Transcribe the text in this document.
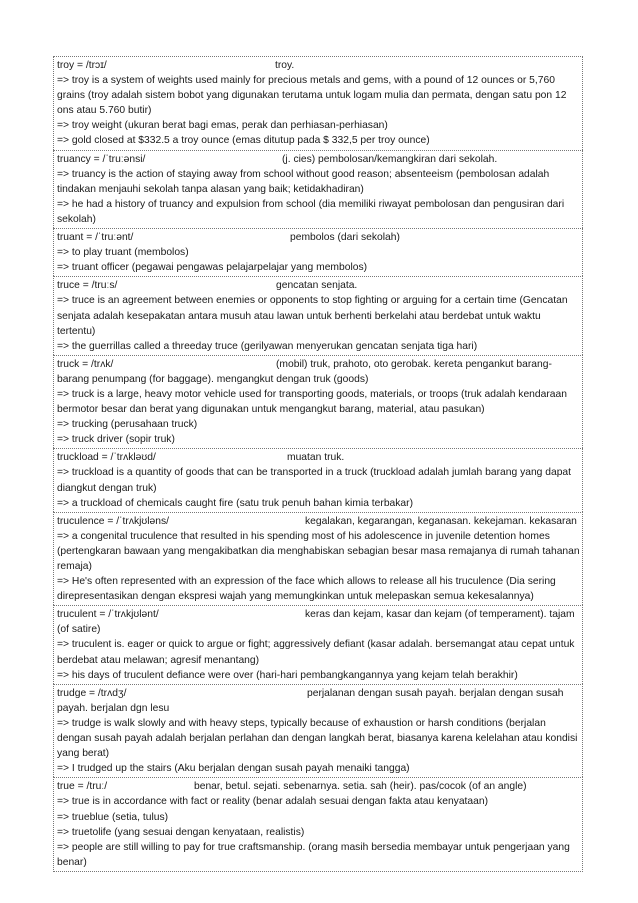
troy = /trɔɪ/	troy.
=> troy is a system of weights used mainly for precious metals and gems, with a pound of 12 ounces or 5,760 grains (troy adalah sistem bobot yang digunakan terutama untuk logam mulia dan permata, dengan satu pon 12 ons atau 5.760 butir)
=> troy weight (ukuran berat bagi emas, perak dan perhiasan-perhiasan)
=> gold closed at $332.5 a troy ounce (emas ditutup pada $ 332,5 per troy ounce)
truancy = /ˈtruːənsi/	(j. cies) pembolosan/kemangkiran dari sekolah.
=> truancy is the action of staying away from school without good reason; absenteeism (pembolosan adalah tindakan menjauhi sekolah tanpa alasan yang baik; ketidakhadiran)
=> he had a history of truancy and expulsion from school (dia memiliki riwayat pembolosan dan pengusiran dari sekolah)
truant = /ˈtruːənt/	pembolos (dari sekolah)
=> to play truant (membolos)
=> truant officer (pegawai pengawas pelajarpelajar yang membolos)
truce = /truːs/	gencatan senjata.
=> truce is an agreement between enemies or opponents to stop fighting or arguing for a certain time (Gencatan senjata adalah kesepakatan antara musuh atau lawan untuk berhenti berkelahi atau berdebat untuk waktu tertentu)
=> the guerrillas called a threeday truce (gerilyawan menyerukan gencatan senjata tiga hari)
truck = /trʌk/	(mobil) truk, prahoto, oto gerobak. kereta pengankut barang-barang penumpang (for baggage). mengangkut dengan truk (goods)
=> truck is a large, heavy motor vehicle used for transporting goods, materials, or troops (truk adalah kendaraan bermotor besar dan berat yang digunakan untuk mengangkut barang, material, atau pasukan)
=> trucking (perusahaan truck)
=> truck driver (sopir truk)
truckload = /ˈtrʌkləʊd/	muatan truk.
=> truckload is a quantity of goods that can be transported in a truck (truckload adalah jumlah barang yang dapat diangkut dengan truk)
=> a truckload of chemicals caught fire (satu truk penuh bahan kimia terbakar)
truculence = /ˈtrʌkjʊləns/	kegalakan, kegarangan, keganasan. kekejaman. kekasaran
=> a congenital truculence that resulted in his spending most of his adolescence in juvenile detention homes (pertengkaran bawaan yang mengakibatkan dia menghabiskan sebagian besar masa remajanya di rumah tahanan remaja)
=> He's often represented with an expression of the face which allows to release all his truculence (Dia sering direpresentasikan dengan ekspresi wajah yang memungkinkan untuk melepaskan semua kekesalannya)
truculent = /ˈtrʌkjʊlənt/	keras dan kejam, kasar dan kejam (of temperament). tajam (of satire)
=> truculent is. eager or quick to argue or fight; aggressively defiant (kasar adalah. bersemangat atau cepat untuk berdebat atau melawan; agresif menantang)
=> his days of truculent defiance were over (hari-hari pembangkangannya yang kejam telah berakhir)
trudge = /trʌdʒ/	perjalanan dengan susah payah. berjalan dengan susah payah. berjalan dgn lesu
=> trudge is walk slowly and with heavy steps, typically because of exhaustion or harsh conditions (berjalan dengan susah payah adalah berjalan perlahan dan dengan langkah berat, biasanya karena kelelahan atau kondisi yang berat)
=> I trudged up the stairs (Aku berjalan dengan susah payah menaiki tangga)
true = /truː/	benar, betul. sejati. sebenarnya. setia. sah (heir). pas/cocok (of an angle)
=> true is in accordance with fact or reality (benar adalah sesuai dengan fakta atau kenyataan)
=> trueblue (setia, tulus)
=> truetolife (yang sesuai dengan kenyataan, realistis)
=> people are still willing to pay for true craftsmanship. (orang masih bersedia membayar untuk pengerjaan yang benar)
